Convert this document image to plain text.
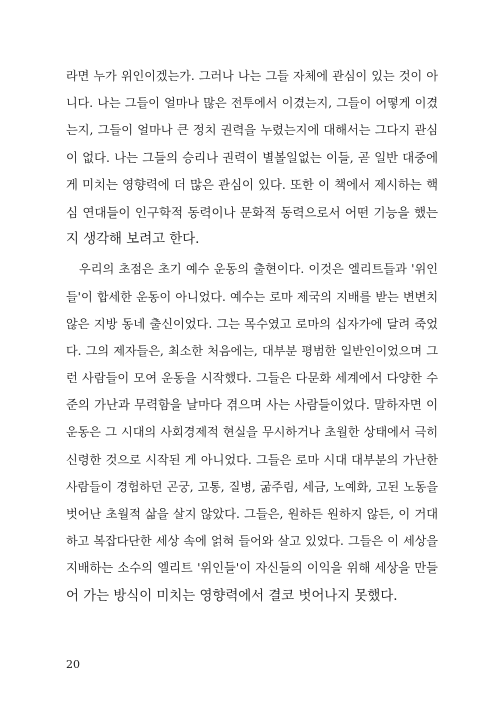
라면 누가 위인이겠는가. 그러나 나는 그들 자체에 관심이 있는 것이 아
니다. 나는 그들이 얼마나 많은 전투에서 이겼는지, 그들이 어떻게 이겼
는지, 그들이 얼마나 큰 정치 권력을 누렸는지에 대해서는 그다지 관심
이 없다. 나는 그들의 승리나 권력이 별볼일없는 이들, 곧 일반 대중에
게 미치는 영향력에 더 많은 관심이 있다. 또한 이 책에서 제시하는 핵
심 연대들이 인구학적 동력이나 문화적 동력으로서 어떤 기능을 했는
지 생각해 보려고 한다.
우리의 초점은 초기 예수 운동의 출현이다. 이것은 엘리트들과 '위인
들'이 합세한 운동이 아니었다. 예수는 로마 제국의 지배를 받는 변변치
않은 지방 동네 출신이었다. 그는 목수였고 로마의 십자가에 달려 죽었
다. 그의 제자들은, 최소한 처음에는, 대부분 평범한 일반인이었으며 그
런 사람들이 모여 운동을 시작했다. 그들은 다문화 세계에서 다양한 수
준의 가난과 무력함을 날마다 겪으며 사는 사람들이었다. 말하자면 이
운동은 그 시대의 사회경제적 현실을 무시하거나 초월한 상태에서 극히
신령한 것으로 시작된 게 아니었다. 그들은 로마 시대 대부분의 가난한
사람들이 경험하던 곤궁, 고통, 질병, 굶주림, 세금, 노예화, 고된 노동을
벗어난 초월적 삶을 살지 않았다. 그들은, 원하든 원하지 않든, 이 거대
하고 복잡다단한 세상 속에 얽혀 들어와 살고 있었다. 그들은 이 세상을
지배하는 소수의 엘리트 '위인들'이 자신들의 이익을 위해 세상을 만들
어 가는 방식이 미치는 영향력에서 결코 벗어나지 못했다.
20
